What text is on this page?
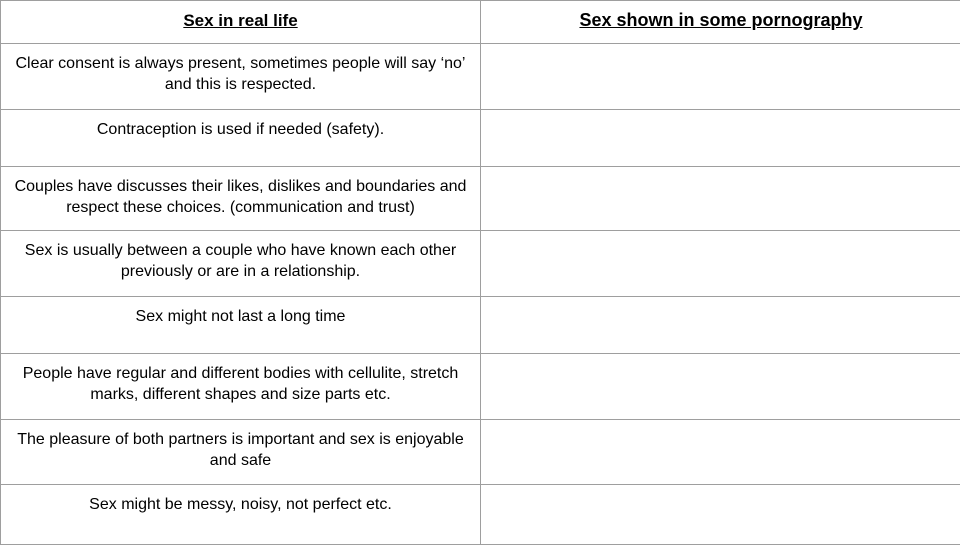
Sex in real life	Sex shown in some pornography
Clear consent is always present, sometimes people will say ‘no’ and this is respected.	
Contraception is used if needed (safety).	
Couples have discusses their likes, dislikes and boundaries and respect these choices. (communication and trust)	
Sex is usually between a couple who have known each other previously or are in a relationship.	
Sex might not last a long time	
People have regular and different bodies with cellulite, stretch marks, different shapes and size parts etc.	
The pleasure of both partners is important and sex is enjoyable and safe	
Sex might be messy, noisy, not perfect etc.	
